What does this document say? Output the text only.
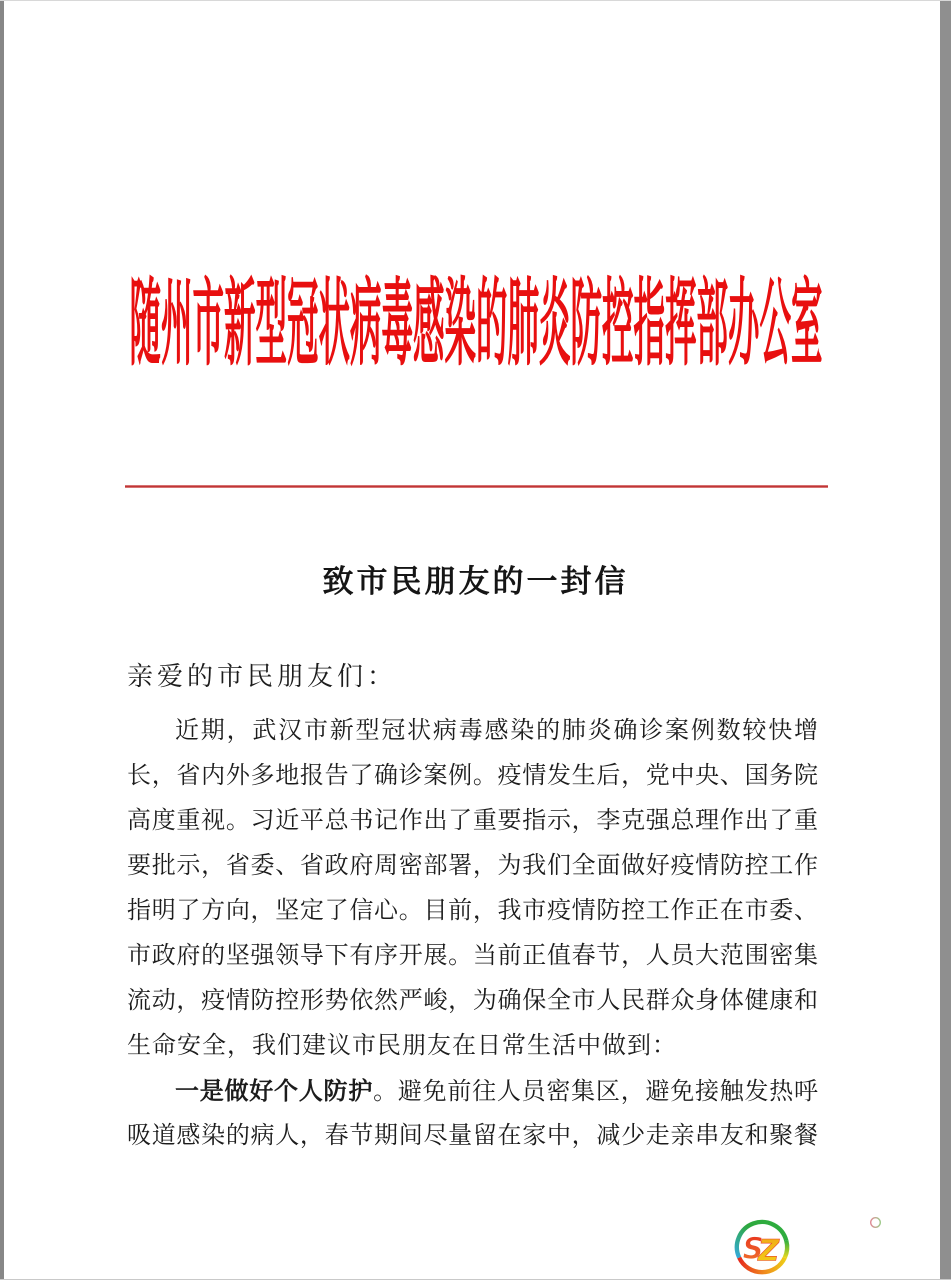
随州市新型冠状病毒感染的肺炎防控指挥部办公室
致市民朋友的一封信
亲爱的市民朋友们：
近期，武汉市新型冠状病毒感染的肺炎确诊案例数较快增
长，省内外多地报告了确诊案例。疫情发生后，党中央、国务院
高度重视。习近平总书记作出了重要指示，李克强总理作出了重
要批示，省委、省政府周密部署，为我们全面做好疫情防控工作
指明了方向，坚定了信心。目前，我市疫情防控工作正在市委、
市政府的坚强领导下有序开展。当前正值春节，人员大范围密集
流动，疫情防控形势依然严峻，为确保全市人民群众身体健康和
生命安全，我们建议市民朋友在日常生活中做到：
一是做好个人防护。避免前往人员密集区，避免接触发热呼
吸道感染的病人，春节期间尽量留在家中，减少走亲串友和聚餐
S
Z
